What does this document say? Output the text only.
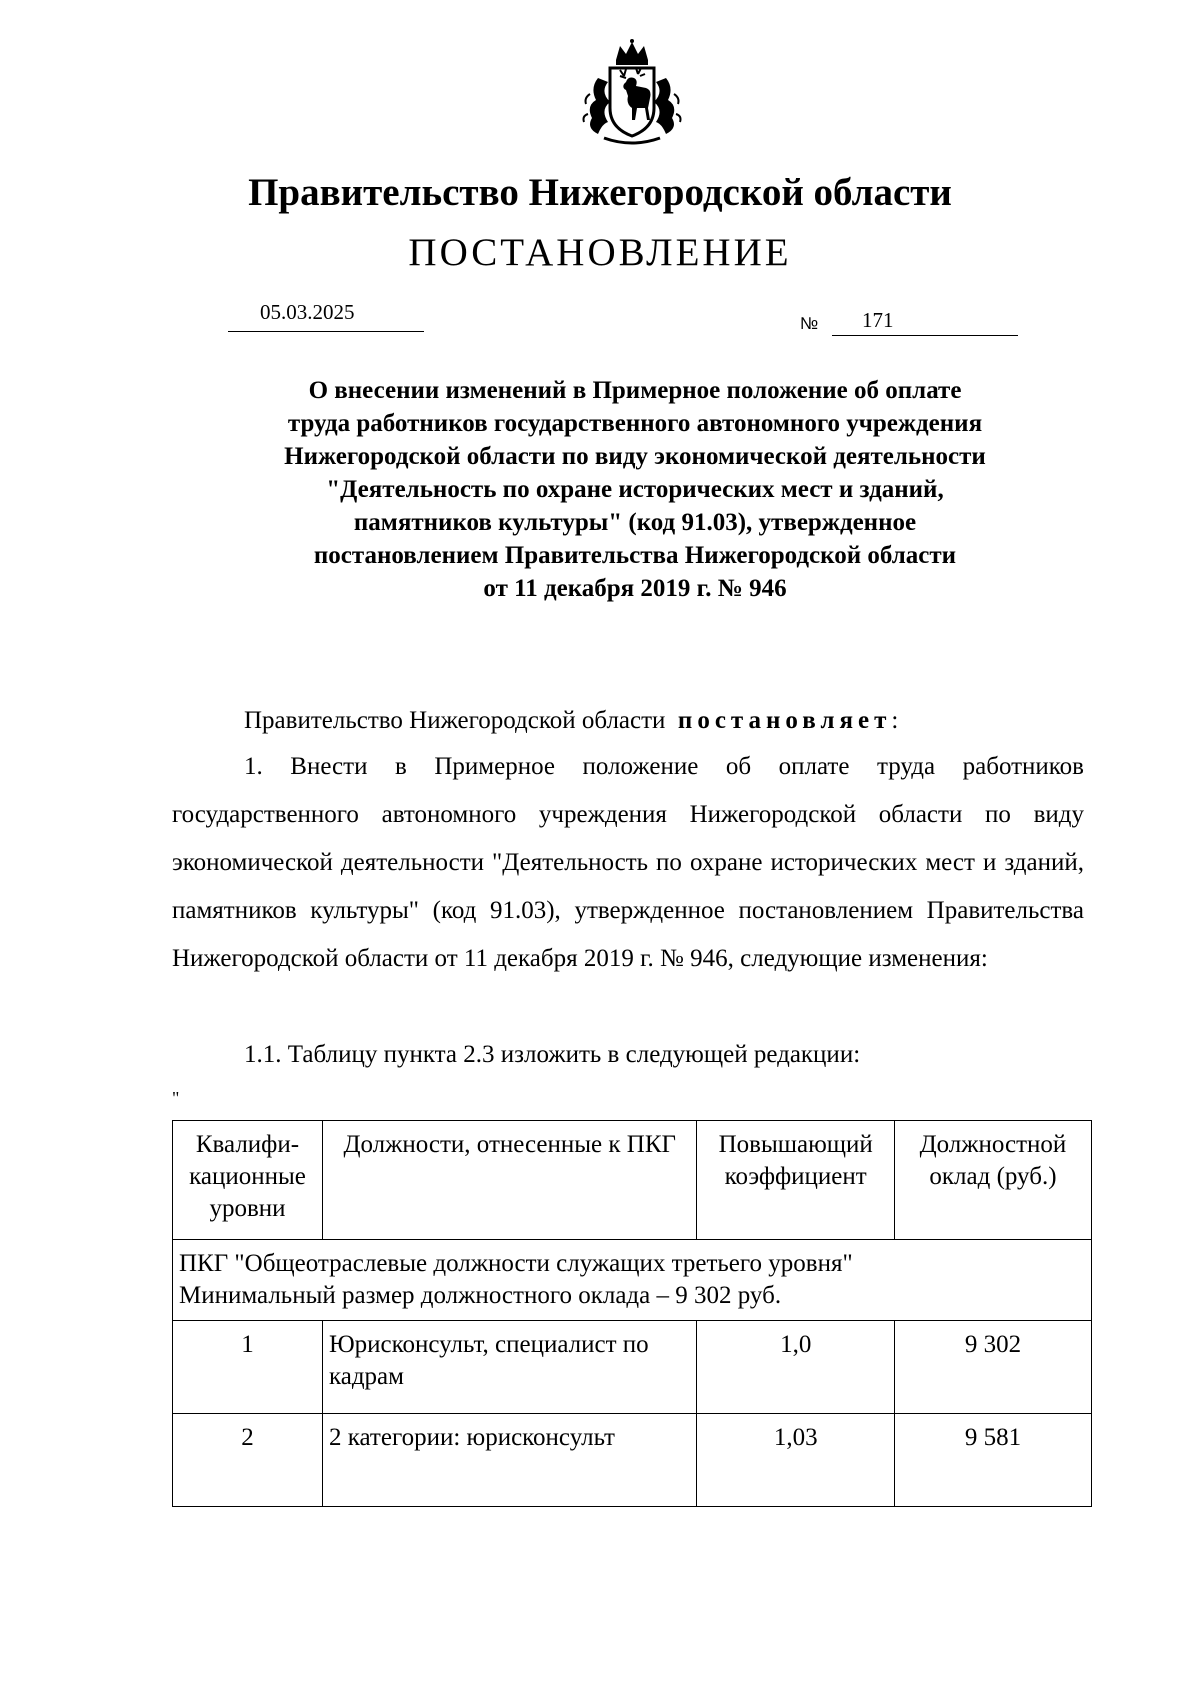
Правительство Нижегородской области
ПОСТАНОВЛЕНИЕ
05.03.2025	№	171
О внесении изменений в Примерное положение об оплате
труда работников государственного автономного учреждения
Нижегородской области по виду экономической деятельности
"Деятельность по охране исторических мест и зданий,
памятников культуры" (код 91.03), утвержденное
постановлением Правительства Нижегородской области
от 11 декабря 2019 г. № 946
Правительство Нижегородской области постановляет:
1. Внести в Примерное положение об оплате труда работников государственного автономного учреждения Нижегородской области по виду экономической деятельности "Деятельность по охране исторических мест и зданий, памятников культуры" (код 91.03), утвержденное постановлением Правительства Нижегородской области от 11 декабря 2019 г. № 946, следующие изменения:
1.1. Таблицу пункта 2.3 изложить в следующей редакции:
"
Квалифи-кационные уровни	Должности, отнесенные к ПКГ	Повышающий коэффициент	Должностной оклад (руб.)

ПКГ "Общеотраслевые должности служащих третьего уровня"
Минимальный размер должностного оклада – 9 302 руб.			

1	Юрисконсульт, специалист по кадрам	1,0	9 302
2	2 категории: юрисконсульт	1,03	9 581
